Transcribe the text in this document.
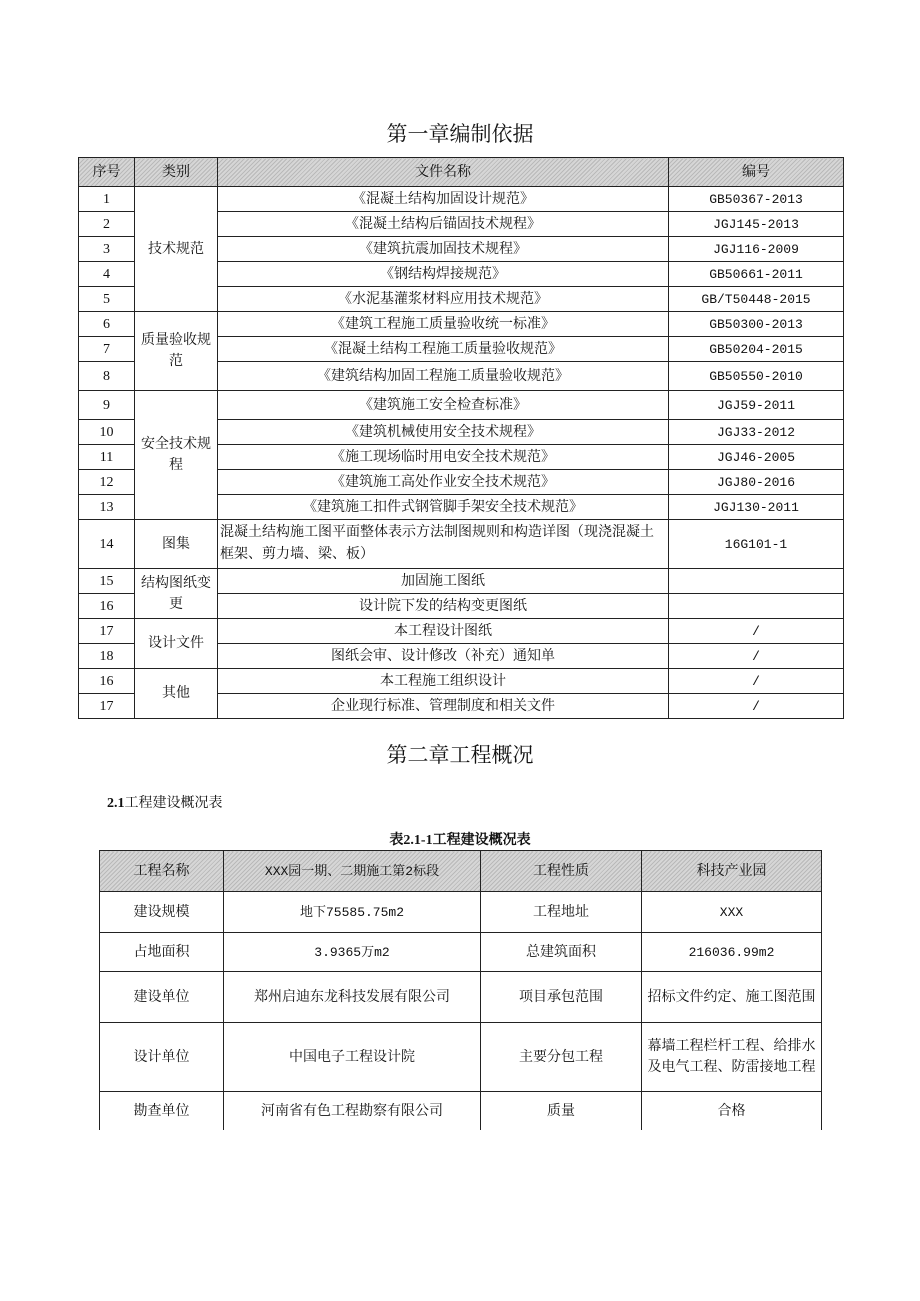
第一章编制依据
序号	类别	文件名称	编号
1	技术规范	《混凝土结构加固设计规范》	GB50367-2013
2		《混凝土结构后锚固技术规程》	JGJ145-2013
3		《建筑抗震加固技术规程》	JGJ116-2009
4		《钢结构焊接规范》	GB50661-2011
5		《水泥基灌浆材料应用技术规范》	GB/T50448-2015
6	质量验收规范	《建筑工程施工质量验收统一标准》	GB50300-2013
7		《混凝土结构工程施工质量验收规范》	GB50204-2015
8		《建筑结构加固工程施工质量验收规范》	GB50550-2010
9	安全技术规程	《建筑施工安全检查标准》	JGJ59-2011
10		《建筑机械使用安全技术规程》	JGJ33-2012
11		《施工现场临时用电安全技术规范》	JGJ46-2005
12		《建筑施工高处作业安全技术规范》	JGJ80-2016
13		《建筑施工扣件式钢管脚手架安全技术规范》	JGJ130-2011
14	图集	混凝土结构施工图平面整体表示方法制图规则和构造详图（现浇混凝土框架、剪力墙、梁、板）	16G101-1
15	结构图纸变更	加固施工图纸	
16		设计院下发的结构变更图纸	
17	设计文件	本工程设计图纸	/
18		图纸会审、设计修改（补充）通知单	/
16	其他	本工程施工组织设计	/
17		企业现行标准、管理制度和相关文件	/
第二章工程概况
2.1工程建设概况表
表2.1-1工程建设概况表
工程名称	XXX园一期、二期施工第2标段	工程性质	科技产业园
建设规模	地下75585.75m2	工程地址	XXX
占地面积	3.9365万m2	总建筑面积	216036.99m2
建设单位	郑州启迪东龙科技发展有限公司	项目承包范围	招标文件约定、施工图范围
设计单位	中国电子工程设计院	主要分包工程	幕墙工程栏杆工程、给排水及电气工程、防雷接地工程
勘查单位	河南省有色工程勘察有限公司	质量	合格
